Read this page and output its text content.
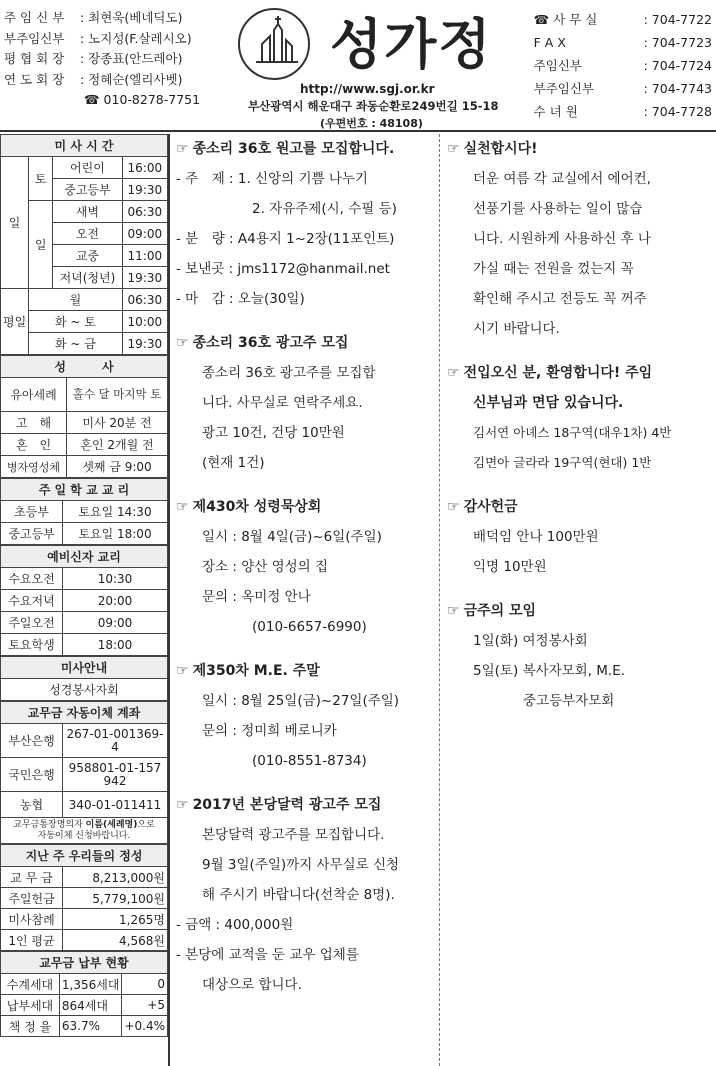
주 임 신 부 : 최현욱(베네딕도)
부주임신부 : 노지성(F.살레시오)
평 협 회 장 : 장종표(안드레아)
연 도 회 장 : 정혜순(엘리사벳)
☎ 010-8278-7751
성가정
http://www.sgj.or.kr
부산광역시 해운대구 좌동순환로249번길 15-18
(우편번호 : 48108)
☎ 사 무 실	: 704-7722
F A X	: 704-7723
주임신부	: 704-7724
부주임신부	: 704-7743
수 녀 원	: 704-7728
미 사 시 간			
일	토	어린이	16:00
		중고등부	19:30
	일	새벽	06:30
		오전	09:00
		교중	11:00
		저녁(청년)	19:30
평일	월		06:30
	화 ~ 토		10:00
	화 ~ 금		19:30
성　　　사	
유아세례	홀수 달 마지막 토
고　해	미사 20분 전
혼　인	혼인 2개월 전
병자영성체	셋째 금 9:00
주 일 학 교 교 리	
초등부	토요일 14:30
중고등부	토요일 18:00
예비신자 교리	
수요오전	10:30
수요저녁	20:00
주일오전	09:00
토요학생	18:00
미사안내
성경봉사자회
교무금 자동이체 계좌	
부산은행	267-01-001369-4
국민은행	958801-01-157942
농협	340-01-011411
교무금통장명의자 이름(세례명)으로
자동이체 신청바랍니다.	
지난 주 우리들의 정성	
교 무 금	8,213,000원
주일헌금	5,779,100원
미사참례	1,265명
1인 평균	4,568원
교무금 납부 현황		
수계세대	1,356세대	0
납부세대	864세대	+5
책 정 율	63.7%	+0.4%
☞ 종소리 36호 원고를 모집합니다.
- 주　제 : 1. 신앙의 기쁨 나누기
2. 자유주제(시, 수필 등)
- 분　량 : A4용지 1~2장(11포인트)
- 보낸곳 : jms1172@hanmail.net
- 마　감 : 오늘(30일)
☞ 종소리 36호 광고주 모집
종소리 36호 광고주를 모집합
니다. 사무실로 연락주세요.
광고 10건, 건당 10만원
(현재 1건)
☞ 제430차 성령묵상회
일시 : 8월 4일(금)~6일(주일)
장소 : 양산 영성의 집
문의 : 옥미정 안나
(010-6657-6990)
☞ 제350차 M.E. 주말
일시 : 8월 25일(금)~27일(주일)
문의 : 정미희 베로니카
(010-8551-8734)
☞ 2017년 본당달력 광고주 모집
본당달력 광고주를 모집합니다.
9월 3일(주일)까지 사무실로 신청
해 주시기 바랍니다(선착순 8명).
- 금액 : 400,000원
- 본당에 교적을 둔 교우 업체를
대상으로 합니다.
☞ 실천합시다!
더운 여름 각 교실에서 에어컨,
선풍기를 사용하는 일이 많습
니다. 시원하게 사용하신 후 나
가실 때는 전원을 껐는지 꼭
확인해 주시고 전등도 꼭 꺼주
시기 바랍니다.
☞ 전입오신 분, 환영합니다! 주임
신부님과 면담 있습니다.
김서연 아녜스 18구역(대우1차) 4반
김면아 글라라 19구역(현대) 1반
☞ 감사헌금
배덕임 안나 100만원
익명 10만원
☞ 금주의 모임
1일(화) 여정봉사회
5일(토) 복사자모회, M.E.
중고등부자모회
